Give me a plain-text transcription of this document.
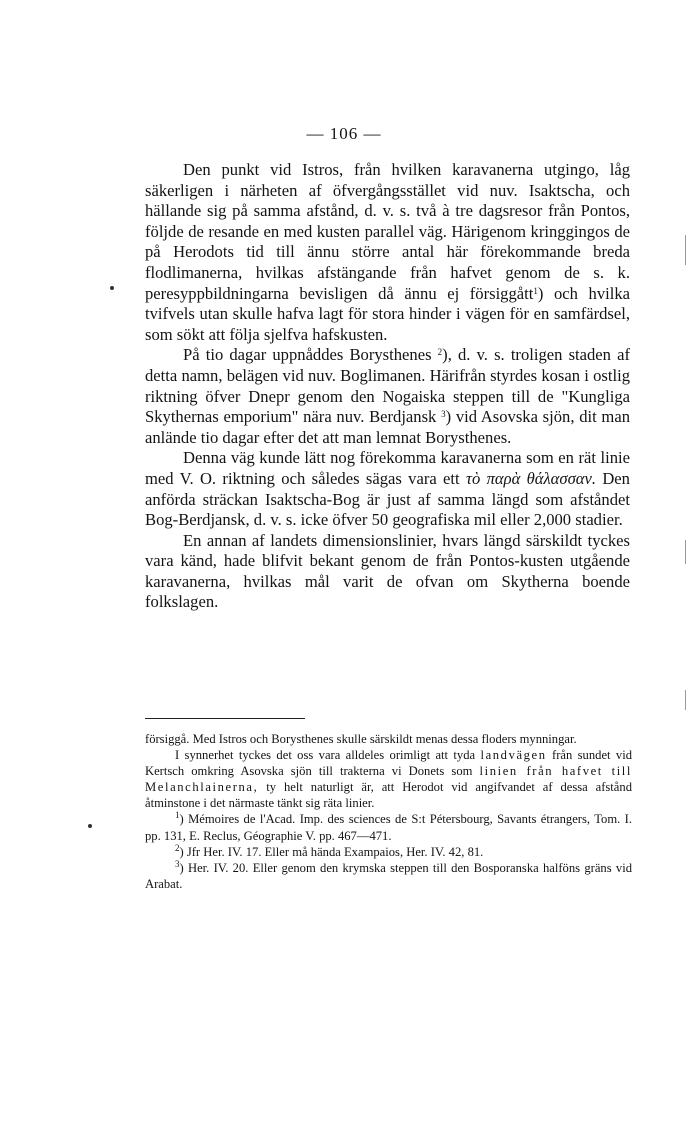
— 106 —

Den punkt vid Istros, från hvilken karavanerna utgingo, låg säkerligen i närheten af öfvergångsstället vid nuv. Isaktscha, och hällande sig på samma afstånd, d. v. s. två à tre dagsresor från Pontos, följde de resande en med kusten parallel väg. Härigenom kringgingos de på Herodots tid till ännu större antal här förekommande breda flodlimanerna, hvilkas afstängande från hafvet genom de s. k. peresyppbildningarna bevisligen då ännu ej försiggått$^1$) och hvilka tvifvels utan skulle hafva lagt för stora hinder i vägen för en samfärdsel, som sökt att följa sjelfva hafskusten.

På tio dagar uppnåddes Borysthenes $^2$), d. v. s. troligen staden af detta namn, belägen vid nuv. Boglimanen. Härifrån styrdes kosan i ostlig riktning öfver Dnepr genom den Nogaiska steppen till de "Kungliga Skythernas emporium" nära nuv. Berdjansk $^3$) vid Asovska sjön, dit man anlände tio dagar efter det att man lemnat Borysthenes.

Denna väg kunde lätt nog förekomma karavanerna som en rät linie med V. O. riktning och således sägas vara ett τὸ παρὰ θάλασσαν. Den anförda sträckan Isaktscha-Bog är just af samma längd som afståndet Bog-Berdjansk, d. v. s. icke öfver 50 geografiska mil eller 2,000 stadier.

En annan af landets dimensionslinier, hvars längd särskildt tyckes vara känd, hade blifvit bekant genom de från Pontos-kusten utgående karavanerna, hvilkas mål varit de ofvan om Skytherna boende folkslagen.

försiggå. Med Istros och Borysthenes skulle särskildt menas dessa floders mynningar.

I synnerhet tyckes det oss vara alldeles orimligt att tyda landvägen från sundet vid Kertsch omkring Asovska sjön till trakterna vi Donets som linien från hafvet till Melanchlainerna, ty helt naturligt är, att Herodot vid angifvandet af dessa afstånd åtminstone i det närmaste tänkt sig räta linier.

$^1$) Mémoires de l'Acad. Imp. des sciences de S:t Pétersbourg, Savants étrangers, Tom. I. pp. 131, E. Reclus, Géographie V. pp. 467—471.

$^2$) Jfr Her. IV. 17. Eller må hända Exampaios, Her. IV. 42, 81.

$^3$) Her. IV. 20. Eller genom den krymska steppen till den Bosporanska halföns gräns vid Arabat.
